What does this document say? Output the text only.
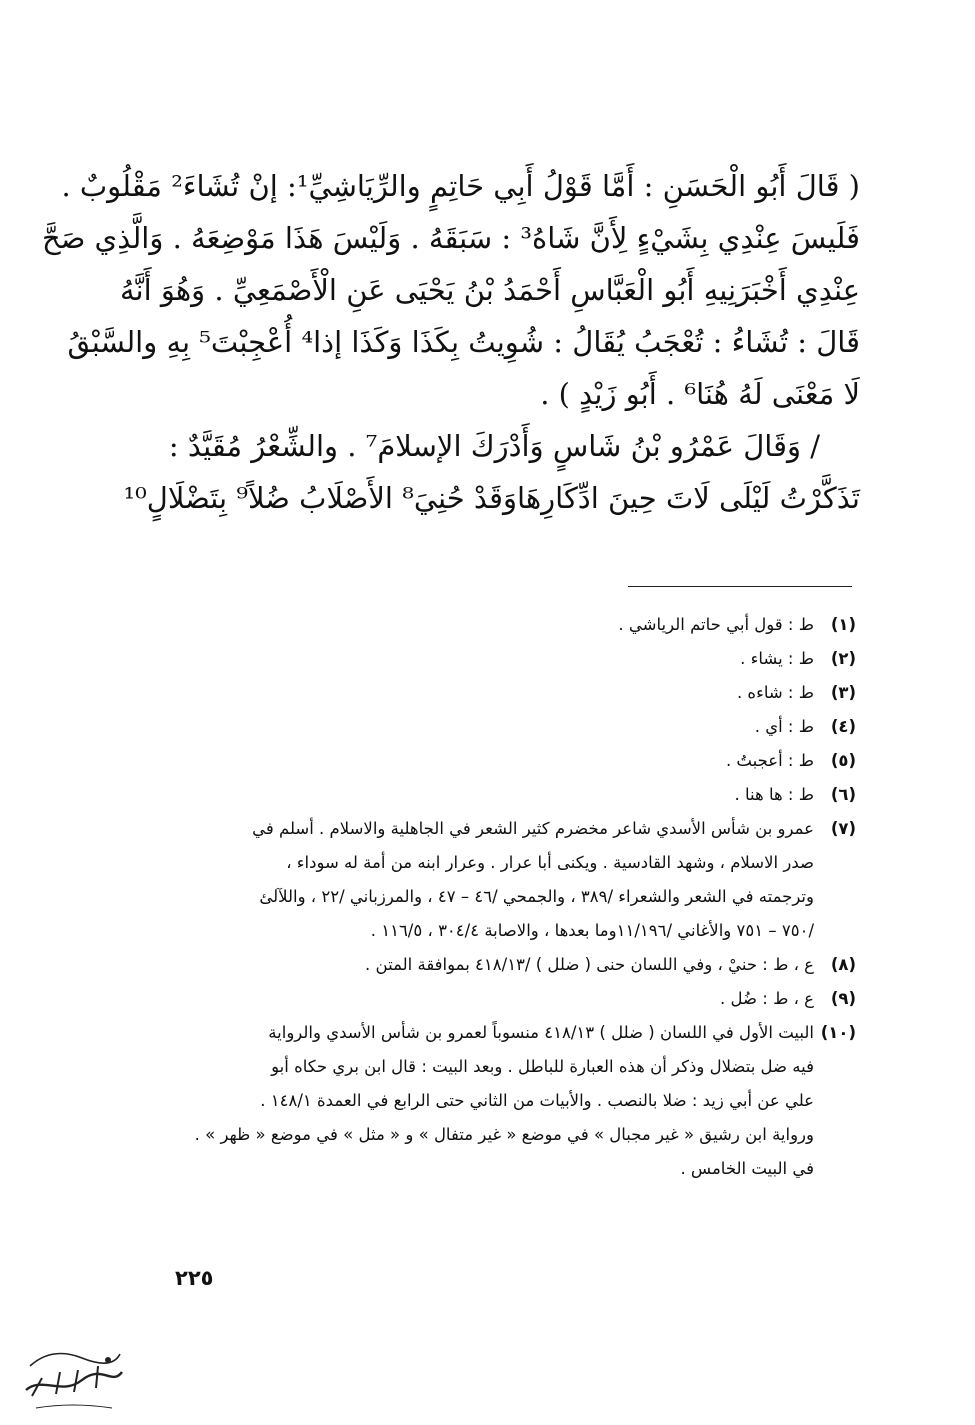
( قَالَ أَبُو الْحَسَنِ : أَمَّا قَوْلُ أَبِي حَاتِمٍ والرِّيَاشِيِّ¹: إنْ تُشَاءَ² مَقْلُوبٌ .
فَلَيسَ عِنْدِي بِشَيْءٍ لِأَنَّ شَاهُ³ : سَبَقَهُ . وَلَيْسَ هَذَا مَوْضِعَهُ . وَالَّذِي صَحَّ
عِنْدِي أَخْبَرَنِيهِ أَبُو الْعَبَّاسِ أَحْمَدُ بْنُ يَحْيَى عَنِ الْأَصْمَعِيِّ . وَهُوَ أَنَّهُ
قَالَ : تُشَاءُ : تُعْجَبُ يُقَالُ : شُوِيتُ بِكَذَا وَكَذَا إذا⁴ أُعْجِبْتَ⁵ بِهِ والسَّبْقُ
لَا مَعْنَى لَهُ هُنَا⁶ . أَبُو زَيْدٍ ) .
/ وَقَالَ عَمْرُو بْنُ شَاسٍ وَأَدْرَكَ الإسلامَ⁷ . والشِّعْرُ مُقَيَّدٌ :
تَذَكَّرْتُ لَيْلَى لَاتَ حِينَ ادِّكَارِهَا
وَقَدْ حُنِيَ⁸ الأَصْلَابُ ضُلاً⁹ بِتَضْلَالٍ¹⁰
(١)
ط : قول أبي حاتم الرياشي .
(٢)
ط : يشاء .
(٣)
ط : شاءه .
(٤)
ط : أي .
(٥)
ط : أعجبتُ .
(٦)
ط : ها هنا .
(٧)
عمرو بن شأس الأسدي شاعر مخضرم كثير الشعر في الجاهلية والاسلام . أسلم في
صدر الاسلام ، وشهد القادسية . ويكنى أبا عرار . وعرار ابنه من أمة له سوداء ،
وترجمته في الشعر والشعراء /٣٨٩ ، والجمحي /٤٦ – ٤٧ ، والمرزباني /٢٢ ، واللآلئ
/٧٥٠ – ٧٥١ والأغاني /١١/١٩٦وما بعدها ، والاصابة ٣٠٤/٤ ، ١١٦/٥ .
(٨)
ع ، ط : حنيْ ، وفي اللسان حنى ( ضلل ) /٤١٨/١٣ بموافقة المتن .
(٩)
ع ، ط : ضُل .
(١٠)
البيت الأول في اللسان ( ضلل ) ٤١٨/١٣ منسوباً لعمرو بن شأس الأسدي والرواية
فيه ضل بتضلال وذكر أن هذه العبارة للباطل . وبعد البيت : قال ابن بري حكاه أبو
علي عن أبي زيد : ضلا بالنصب . والأبيات من الثاني حتى الرابع في العمدة ١٤٨/١ .
ورواية ابن رشيق « غير مجبال » في موضع « غير متفال » و « مثل » في موضع « ظهر » .
في البيت الخامس .
٢٢٥
